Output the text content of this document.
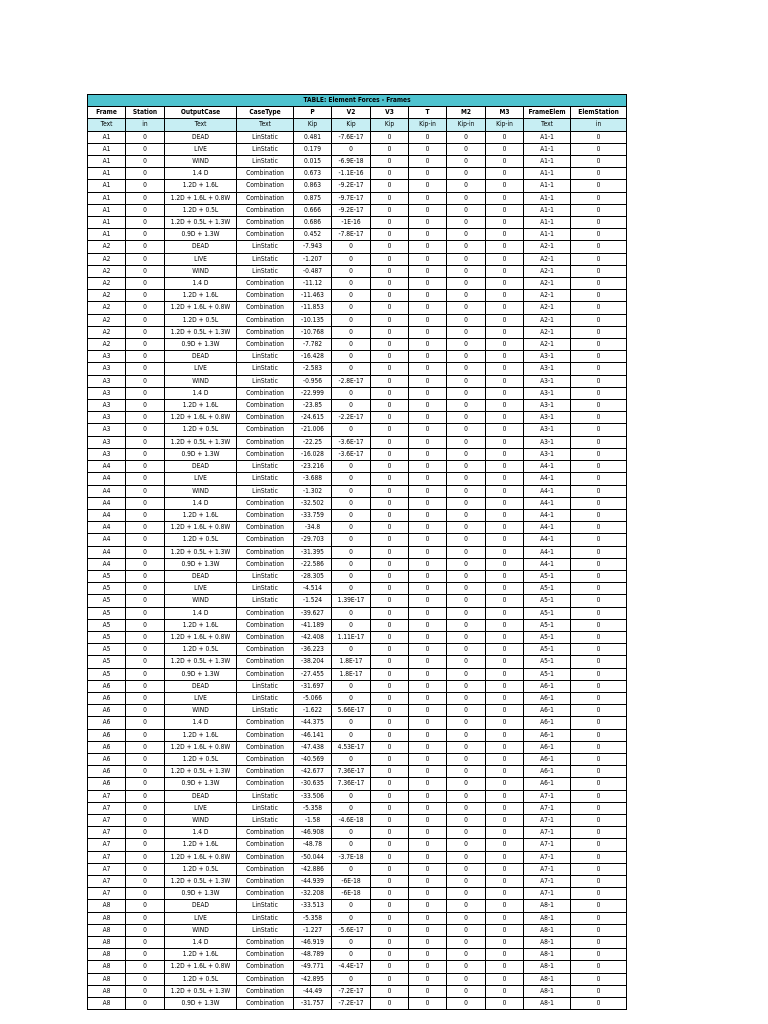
TABLE: Element Forces - Frames											
Frame	Station	OutputCase	CaseType	P	V2	V3	T	M2	M3	FrameElem	ElemStation
Text	in	Text	Text	Kip	Kip	Kip	Kip-in	Kip-in	Kip-in	Text	in
A1	0	DEAD	LinStatic	0.481	-7.6E-17	0	0	0	0	A1-1	0
A1	0	LIVE	LinStatic	0.179	0	0	0	0	0	A1-1	0
A1	0	WIND	LinStatic	0.015	-6.9E-18	0	0	0	0	A1-1	0
A1	0	1.4 D	Combination	0.673	-1.1E-16	0	0	0	0	A1-1	0
A1	0	1.2D + 1.6L	Combination	0.863	-9.2E-17	0	0	0	0	A1-1	0
A1	0	1.2D + 1.6L + 0.8W	Combination	0.875	-9.7E-17	0	0	0	0	A1-1	0
A1	0	1.2D + 0.5L	Combination	0.666	-9.2E-17	0	0	0	0	A1-1	0
A1	0	1.2D + 0.5L + 1.3W	Combination	0.686	-1E-16	0	0	0	0	A1-1	0
A1	0	0.9D + 1.3W	Combination	0.452	-7.8E-17	0	0	0	0	A1-1	0
A2	0	DEAD	LinStatic	-7.943	0	0	0	0	0	A2-1	0
A2	0	LIVE	LinStatic	-1.207	0	0	0	0	0	A2-1	0
A2	0	WIND	LinStatic	-0.487	0	0	0	0	0	A2-1	0
A2	0	1.4 D	Combination	-11.12	0	0	0	0	0	A2-1	0
A2	0	1.2D + 1.6L	Combination	-11.463	0	0	0	0	0	A2-1	0
A2	0	1.2D + 1.6L + 0.8W	Combination	-11.853	0	0	0	0	0	A2-1	0
A2	0	1.2D + 0.5L	Combination	-10.135	0	0	0	0	0	A2-1	0
A2	0	1.2D + 0.5L + 1.3W	Combination	-10.768	0	0	0	0	0	A2-1	0
A2	0	0.9D + 1.3W	Combination	-7.782	0	0	0	0	0	A2-1	0
A3	0	DEAD	LinStatic	-16.428	0	0	0	0	0	A3-1	0
A3	0	LIVE	LinStatic	-2.583	0	0	0	0	0	A3-1	0
A3	0	WIND	LinStatic	-0.956	-2.8E-17	0	0	0	0	A3-1	0
A3	0	1.4 D	Combination	-22.999	0	0	0	0	0	A3-1	0
A3	0	1.2D + 1.6L	Combination	-23.85	0	0	0	0	0	A3-1	0
A3	0	1.2D + 1.6L + 0.8W	Combination	-24.615	-2.2E-17	0	0	0	0	A3-1	0
A3	0	1.2D + 0.5L	Combination	-21.006	0	0	0	0	0	A3-1	0
A3	0	1.2D + 0.5L + 1.3W	Combination	-22.25	-3.6E-17	0	0	0	0	A3-1	0
A3	0	0.9D + 1.3W	Combination	-16.028	-3.6E-17	0	0	0	0	A3-1	0
A4	0	DEAD	LinStatic	-23.216	0	0	0	0	0	A4-1	0
A4	0	LIVE	LinStatic	-3.688	0	0	0	0	0	A4-1	0
A4	0	WIND	LinStatic	-1.302	0	0	0	0	0	A4-1	0
A4	0	1.4 D	Combination	-32.502	0	0	0	0	0	A4-1	0
A4	0	1.2D + 1.6L	Combination	-33.759	0	0	0	0	0	A4-1	0
A4	0	1.2D + 1.6L + 0.8W	Combination	-34.8	0	0	0	0	0	A4-1	0
A4	0	1.2D + 0.5L	Combination	-29.703	0	0	0	0	0	A4-1	0
A4	0	1.2D + 0.5L + 1.3W	Combination	-31.395	0	0	0	0	0	A4-1	0
A4	0	0.9D + 1.3W	Combination	-22.586	0	0	0	0	0	A4-1	0
A5	0	DEAD	LinStatic	-28.305	0	0	0	0	0	A5-1	0
A5	0	LIVE	LinStatic	-4.514	0	0	0	0	0	A5-1	0
A5	0	WIND	LinStatic	-1.524	1.39E-17	0	0	0	0	A5-1	0
A5	0	1.4 D	Combination	-39.627	0	0	0	0	0	A5-1	0
A5	0	1.2D + 1.6L	Combination	-41.189	0	0	0	0	0	A5-1	0
A5	0	1.2D + 1.6L + 0.8W	Combination	-42.408	1.11E-17	0	0	0	0	A5-1	0
A5	0	1.2D + 0.5L	Combination	-36.223	0	0	0	0	0	A5-1	0
A5	0	1.2D + 0.5L + 1.3W	Combination	-38.204	1.8E-17	0	0	0	0	A5-1	0
A5	0	0.9D + 1.3W	Combination	-27.455	1.8E-17	0	0	0	0	A5-1	0
A6	0	DEAD	LinStatic	-31.697	0	0	0	0	0	A6-1	0
A6	0	LIVE	LinStatic	-5.066	0	0	0	0	0	A6-1	0
A6	0	WIND	LinStatic	-1.622	5.66E-17	0	0	0	0	A6-1	0
A6	0	1.4 D	Combination	-44.375	0	0	0	0	0	A6-1	0
A6	0	1.2D + 1.6L	Combination	-46.141	0	0	0	0	0	A6-1	0
A6	0	1.2D + 1.6L + 0.8W	Combination	-47.438	4.53E-17	0	0	0	0	A6-1	0
A6	0	1.2D + 0.5L	Combination	-40.569	0	0	0	0	0	A6-1	0
A6	0	1.2D + 0.5L + 1.3W	Combination	-42.677	7.36E-17	0	0	0	0	A6-1	0
A6	0	0.9D + 1.3W	Combination	-30.635	7.36E-17	0	0	0	0	A6-1	0
A7	0	DEAD	LinStatic	-33.506	0	0	0	0	0	A7-1	0
A7	0	LIVE	LinStatic	-5.358	0	0	0	0	0	A7-1	0
A7	0	WIND	LinStatic	-1.58	-4.6E-18	0	0	0	0	A7-1	0
A7	0	1.4 D	Combination	-46.908	0	0	0	0	0	A7-1	0
A7	0	1.2D + 1.6L	Combination	-48.78	0	0	0	0	0	A7-1	0
A7	0	1.2D + 1.6L + 0.8W	Combination	-50.044	-3.7E-18	0	0	0	0	A7-1	0
A7	0	1.2D + 0.5L	Combination	-42.886	0	0	0	0	0	A7-1	0
A7	0	1.2D + 0.5L + 1.3W	Combination	-44.939	-6E-18	0	0	0	0	A7-1	0
A7	0	0.9D + 1.3W	Combination	-32.208	-6E-18	0	0	0	0	A7-1	0
A8	0	DEAD	LinStatic	-33.513	0	0	0	0	0	A8-1	0
A8	0	LIVE	LinStatic	-5.358	0	0	0	0	0	A8-1	0
A8	0	WIND	LinStatic	-1.227	-5.6E-17	0	0	0	0	A8-1	0
A8	0	1.4 D	Combination	-46.919	0	0	0	0	0	A8-1	0
A8	0	1.2D + 1.6L	Combination	-48.789	0	0	0	0	0	A8-1	0
A8	0	1.2D + 1.6L + 0.8W	Combination	-49.771	-4.4E-17	0	0	0	0	A8-1	0
A8	0	1.2D + 0.5L	Combination	-42.895	0	0	0	0	0	A8-1	0
A8	0	1.2D + 0.5L + 1.3W	Combination	-44.49	-7.2E-17	0	0	0	0	A8-1	0
A8	0	0.9D + 1.3W	Combination	-31.757	-7.2E-17	0	0	0	0	A8-1	0
